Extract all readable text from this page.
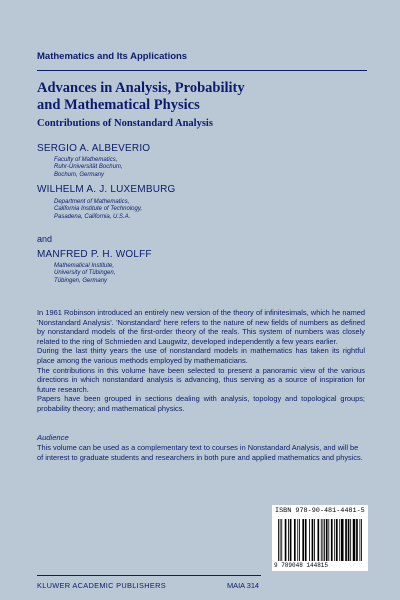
Mathematics and Its Applications
Advances in Analysis, Probability
and Mathematical Physics
Contributions of Nonstandard Analysis
SERGIO A. ALBEVERIO
Faculty of Mathematics,
Ruhr-Universität Bochum,
Bochum, Germany
WILHELM A. J. LUXEMBURG
Department of Mathematics,
California Institute of Technology,
Pasadena, California, U.S.A.
and
MANFRED P. H. WOLFF
Mathematical Institute,
University of Tübingen,
Tübingen, Germany

In 1961 Robinson introduced an entirely new version of the theory of infinitesimals, which he named 'Nonstandard Analysis'. 'Nonstandard' here refers to the nature of new fields of numbers as defined by nonstandard models of the first-order theory of the reals. This system of numbers was closely related to the ring of Schmieden and Laugwitz, developed independently a few years earlier.

During the last thirty years the use of nonstandard models in mathematics has taken its rightful place among the various methods employed by mathematicians.

The contributions in this volume have been selected to present a panoramic view of the various directions in which nonstandard analysis is advancing, thus serving as a source of inspiration for future research.

Papers have been grouped in sections dealing with analysis, topology and topological groups; probability theory; and mathematical physics.

Audience
This volume can be used as a complementary text to courses in Nonstandard Analysis, and will be of interest to graduate students and researchers in both pure and applied mathematics and physics.
ISBN 978-90-481-4481-5
9 789048 144815
KLUWER ACADEMIC PUBLISHERS	MAIA 314
